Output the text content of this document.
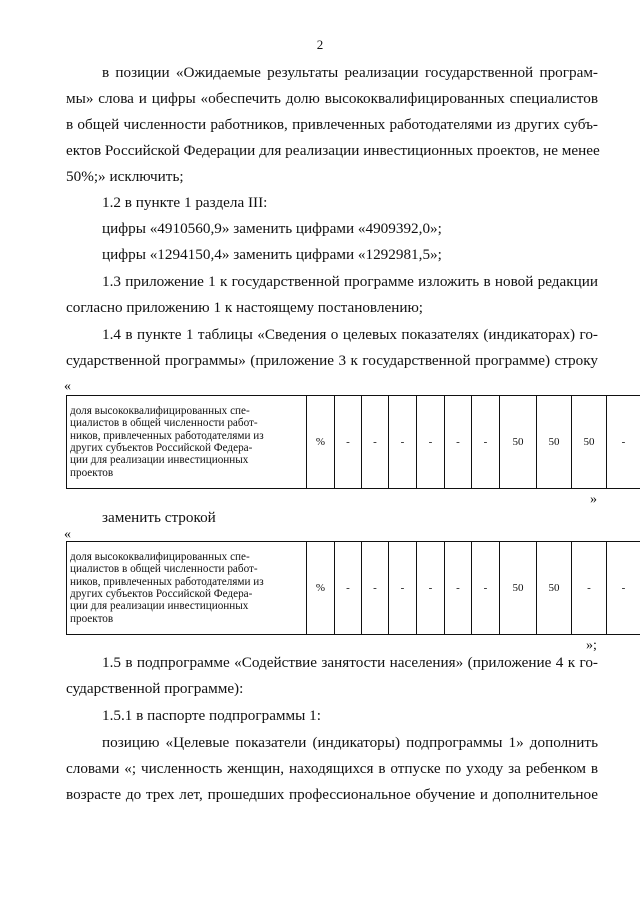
2
в позиции «Ожидаемые результаты реализации государственной програм-
мы» слова и цифры «обеспечить долю высококвалифицированных специалистов
в общей численности работников, привлеченных работодателями из других субъ-
ектов Российской Федерации для реализации инвестиционных проектов, не менее
50%;» исключить;
1.2 в пункте 1 раздела III:
цифры «4910560,9» заменить цифрами «4909392,0»;
цифры «1294150,4» заменить цифрами «1292981,5»;
1.3 приложение 1 к государственной программе изложить в новой редакции
согласно приложению 1 к настоящему постановлению;
1.4 в пункте 1 таблицы «Сведения о целевых показателях (индикаторах) го-
сударственной программы» (приложение 3 к государственной программе) строку
«
доля высококвалифицированных спе-
циалистов в общей численности работ-
ников, привлеченных работодателями из
других субъектов Российской Федера-
ции для реализации инвестиционных
проектов
	%	-	-	-	-	-	-	50	50	50	-
»
заменить строкой
«
доля высококвалифицированных спе-
циалистов в общей численности работ-
ников, привлеченных работодателями из
других субъектов Российской Федера-
ции для реализации инвестиционных
проектов
	%	-	-	-	-	-	-	50	50	-	-
»;
1.5 в подпрограмме «Содействие занятости населения» (приложение 4 к го-
сударственной программе):
1.5.1 в паспорте подпрограммы 1:
позицию «Целевые показатели (индикаторы) подпрограммы 1» дополнить
словами «; численность женщин, находящихся в отпуске по уходу за ребенком в
возрасте до трех лет, прошедших профессиональное обучение и дополнительное
